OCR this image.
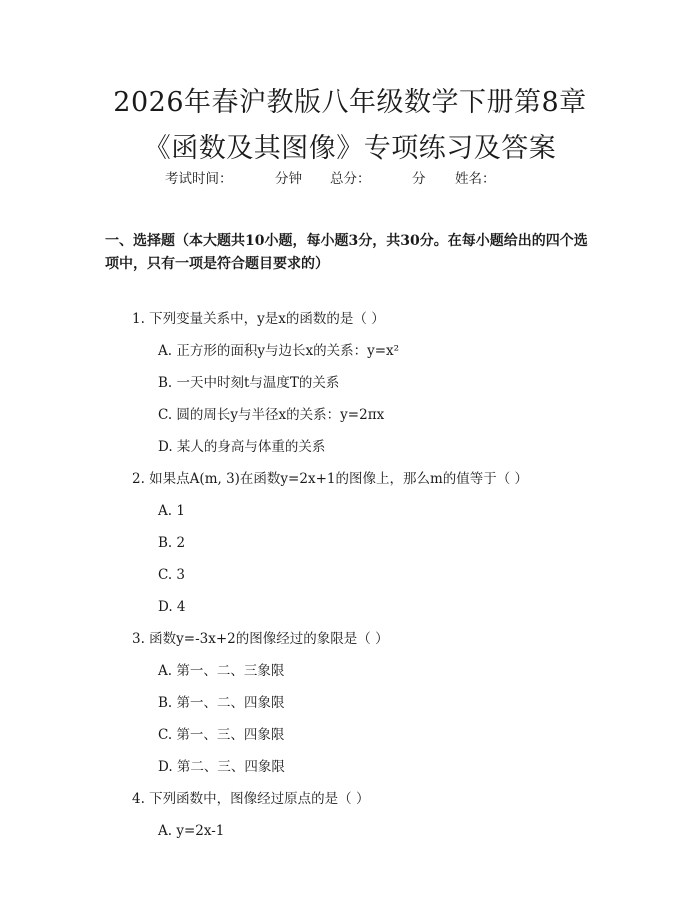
2026年春沪教版八年级数学下册第8章《函数及其图像》专项练习及答案
考试时间：	分钟 总分：	分 姓名：

一、选择题（本大题共10小题，每小题3分，共30分。在每小题给出的四个选项中，只有一项是符合题目要求的）

1. 下列变量关系中，y是x的函数的是（ ）
A. 正方形的面积y与边长x的关系：y=x²
B. 一天中时刻t与温度T的关系
C. 圆的周长y与半径x的关系：y=2πx
D. 某人的身高与体重的关系
2. 如果点A(m, 3)在函数y=2x+1的图像上，那么m的值等于（ ）
A. 1
B. 2
C. 3
D. 4
3. 函数y=-3x+2的图像经过的象限是（ ）
A. 第一、二、三象限
B. 第一、二、四象限
C. 第一、三、四象限
D. 第二、三、四象限
4. 下列函数中，图像经过原点的是（ ）
A. y=2x-1
